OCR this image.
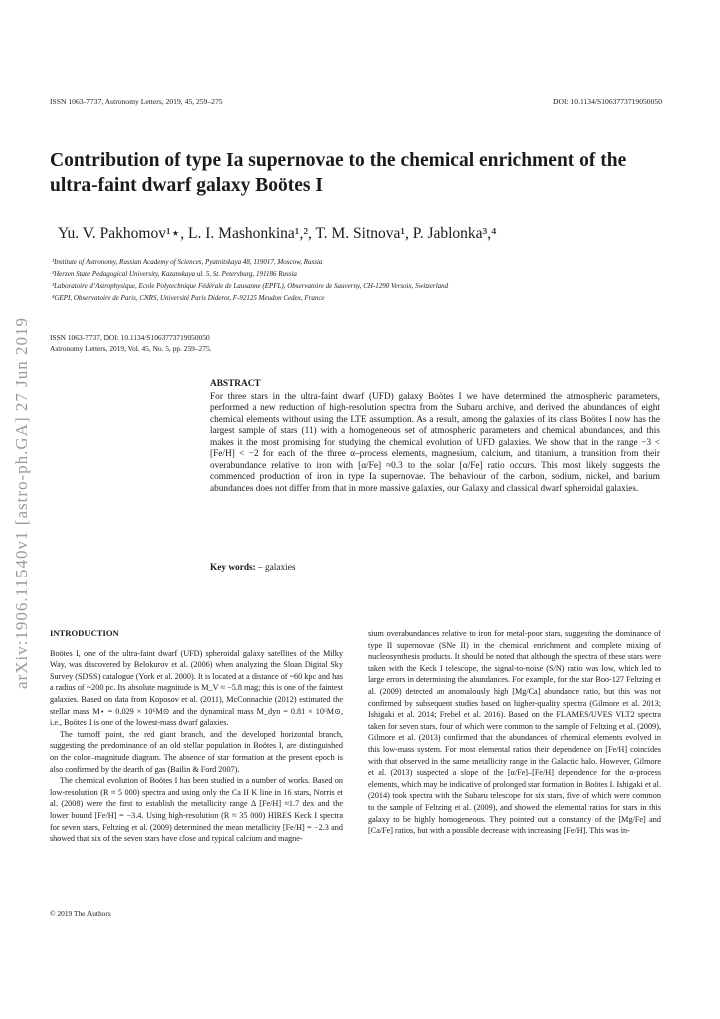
ISSN 1063-7737, Astronomy Letters, 2019, 45, 259–275	DOI: 10.1134/S1063773719050050
Contribution of type Ia supernovae to the chemical enrichment of the ultra-faint dwarf galaxy Boötes I
Yu. V. Pakhomov¹⋆, L. I. Mashonkina¹,², T. M. Sitnova¹, P. Jablonka³,⁴
¹Institute of Astronomy, Russian Academy of Sciences, Pyatnitskaya 48, 119017, Moscow, Russia
²Herzen State Pedagogical University, Kazanskaya ul. 5, St. Petersburg, 191186 Russia
³Laboratoire d’Astrophysique, Ecole Polytechnique Fédérale de Lausanne (EPFL), Observatoire de Sauverny, CH-1290 Versoix, Switzerland
⁴GEPI, Observatoire de Paris, CNRS, Université Paris Diderot, F-92125 Meudon Cedex, France
ISSN 1063-7737, DOI: 10.1134/S1063773719050050
Astronomy Letters, 2019, Vol. 45, No. 5, pp. 259–275.
ABSTRACT
For three stars in the ultra-faint dwarf (UFD) galaxy Boötes I we have determined the atmospheric parameters, performed a new reduction of high-resolution spectra from the Subaru archive, and derived the abundances of eight chemical elements without using the LTE assumption. As a result, among the galaxies of its class Boötes I now has the largest sample of stars (11) with a homogeneous set of atmospheric parameters and chemical abundances, and this makes it the most promising for studying the chemical evolution of UFD galaxies. We show that in the range −3 < [Fe/H] < −2 for each of the three α–process elements, magnesium, calcium, and titanium, a transition from their overabundance relative to iron with [α/Fe] ≈0.3 to the solar [α/Fe] ratio occurs. This most likely suggests the commenced production of iron in type Ia supernovae. The behaviour of the carbon, sodium, nickel, and barium abundances does not differ from that in more massive galaxies, our Galaxy and classical dwarf spheroidal galaxies.
Key words: – galaxies
arXiv:1906.11540v1 [astro-ph.GA] 27 Jun 2019 INTRODUCTION

Boötes I, one of the ultra-faint dwarf (UFD) spheroidal galaxy satellites of the Milky Way, was discovered by Belokurov et al. (2006) when analyzing the Sloan Digital Sky Survey (SDSS) catalogue (York et al. 2000). It is located at a distance of ~60 kpc and has a radius of ~200 pc. Its absolute magnitude is M_V ≈ −5.8 mag; this is one of the faintest galaxies. Based on data from Koposov et al. (2011), McConnachie (2012) estimated the stellar mass M⋆ = 0.029 × 10⁶M⊙ and the dynamical mass M_dyn = 0.81 × 10⁶M⊙, i.e., Boötes I is one of the lowest-mass dwarf galaxies.

The turnoff point, the red giant branch, and the developed horizontal branch, suggesting the predominance of an old stellar population in Boötes I, are distinguished on the color–magnitude diagram. The absence of star formation at the present epoch is also confirmed by the dearth of gas (Bailin & Ford 2007).

The chemical evolution of Boötes I has been studied in a number of works. Based on low-resolution (R ≈ 5 000) spectra and using only the Ca II K line in 16 stars, Norris et al. (2008) were the first to establish the metallicity range Δ [Fe/H] ≈1.7 dex and the lower bound [Fe/H] = −3.4. Using high-resolution (R ≈ 35 000) HIRES Keck I spectra for seven stars, Feltzing et al. (2009) determined the mean metallicity [Fe/H] = −2.3 and showed that six of the seven stars have close and typical calcium and magne-

sium overabundances relative to iron for metal-poor stars, suggesting the dominance of type II supernovae (SNe II) in the chemical enrichment and complete mixing of nucleosynthesis products. It should be noted that although the spectra of these stars were taken with the Keck I telescope, the signal-to-noise (S/N) ratio was low, which led to large errors in determining the abundances. For example, for the star Boo-127 Feltzing et al. (2009) detected an anomalously high [Mg/Ca] abundance ratio, but this was not confirmed by subsequent studies based on higher-quality spectra (Gilmore et al. 2013; Ishigaki et al. 2014; Frebel et al. 2016). Based on the FLAMES/UVES VLT2 spectra taken for seven stars, four of which were common to the sample of Feltzing et al. (2009), Gilmore et al. (2013) confirmed that the abundances of chemical elements evolved in this low-mass system. For most elemental ratios their dependence on [Fe/H] coincides with that observed in the same metallicity range in the Galactic halo. However, Gilmore et al. (2013) suspected a slope of the [α/Fe]–[Fe/H] dependence for the α-process elements, which may be indicative of prolonged star formation in Boötes I. Ishigaki et al. (2014) took spectra with the Subaru telescope for six stars, five of which were common to the sample of Feltzing et al. (2009), and showed the elemental ratios for stars in this galaxy to be highly homogeneous. They pointed out a constancy of the [Mg/Fe] and [Ca/Fe] ratios, but with a possible decrease with increasing [Fe/H]. This was in-

© 2019 The Authors
